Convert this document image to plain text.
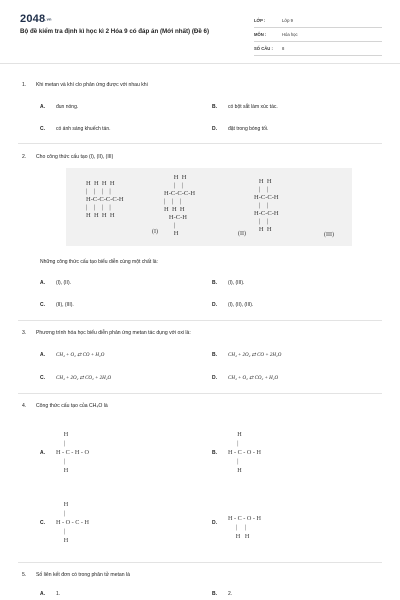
2048.vn
Bộ đề kiểm tra định kì học kì 2 Hóa 9 có đáp án (Mới nhất) (Đề 6)
LỚP :	Lớp 9
MÔN :	Hóa học
SỐ CÂU :	8
1. Khi metan và khí clo phản ứng được với nhau khi
A.	đun nóng.	B.	có bột sắt làm xúc tác.
C.	có ánh sáng khuếch tán.	D.	đặt trong bóng tối.
2. Cho công thức cấu tạo (I), (II), (III)
H  H  H  H
|    |    |    |
H-C-C-C-C-H
|    |    |    |
H  H  H  H
(I)
H  H
|    |
H-C-C-C-H
|    |    |
H  H  H
H-C-H
|
H	(II)
H  H
|    |
H-C-C-H
|    |
H-C-C-H
|    |
H  H
(III)
Những công thức cấu tạo biểu diễn cùng một chất là:
A.	(I), (II).	B.	(I), (III).
C.	(II), (III).	D.	(I), (II), (III).
3. Phương trình hóa học biểu diễn phản ứng metan tác dụng với oxi là:
A.	CH₄ + O₂ ⇄ CO + H₂O	B.	CH₄ + 2O₂ ⇄ CO + 2H₂O
C.	CH₄ + 2O₂ ⇄ CO₂ + 2H₂O	D.	CH₄ + O₂ ⇄ CO₂ + H₂O
4. Công thức cấu tạo của CH₄O là
A.
H
|
H - C - H - O
|
H
B.
H
|
H - C - O - H
|
H
C.
H
|
H - O - C - H
|
H
D.
H - C - O - H
|     |
H   H
5. Số liên kết đơn có trong phân tử metan là
A.	1.	B.	2.
